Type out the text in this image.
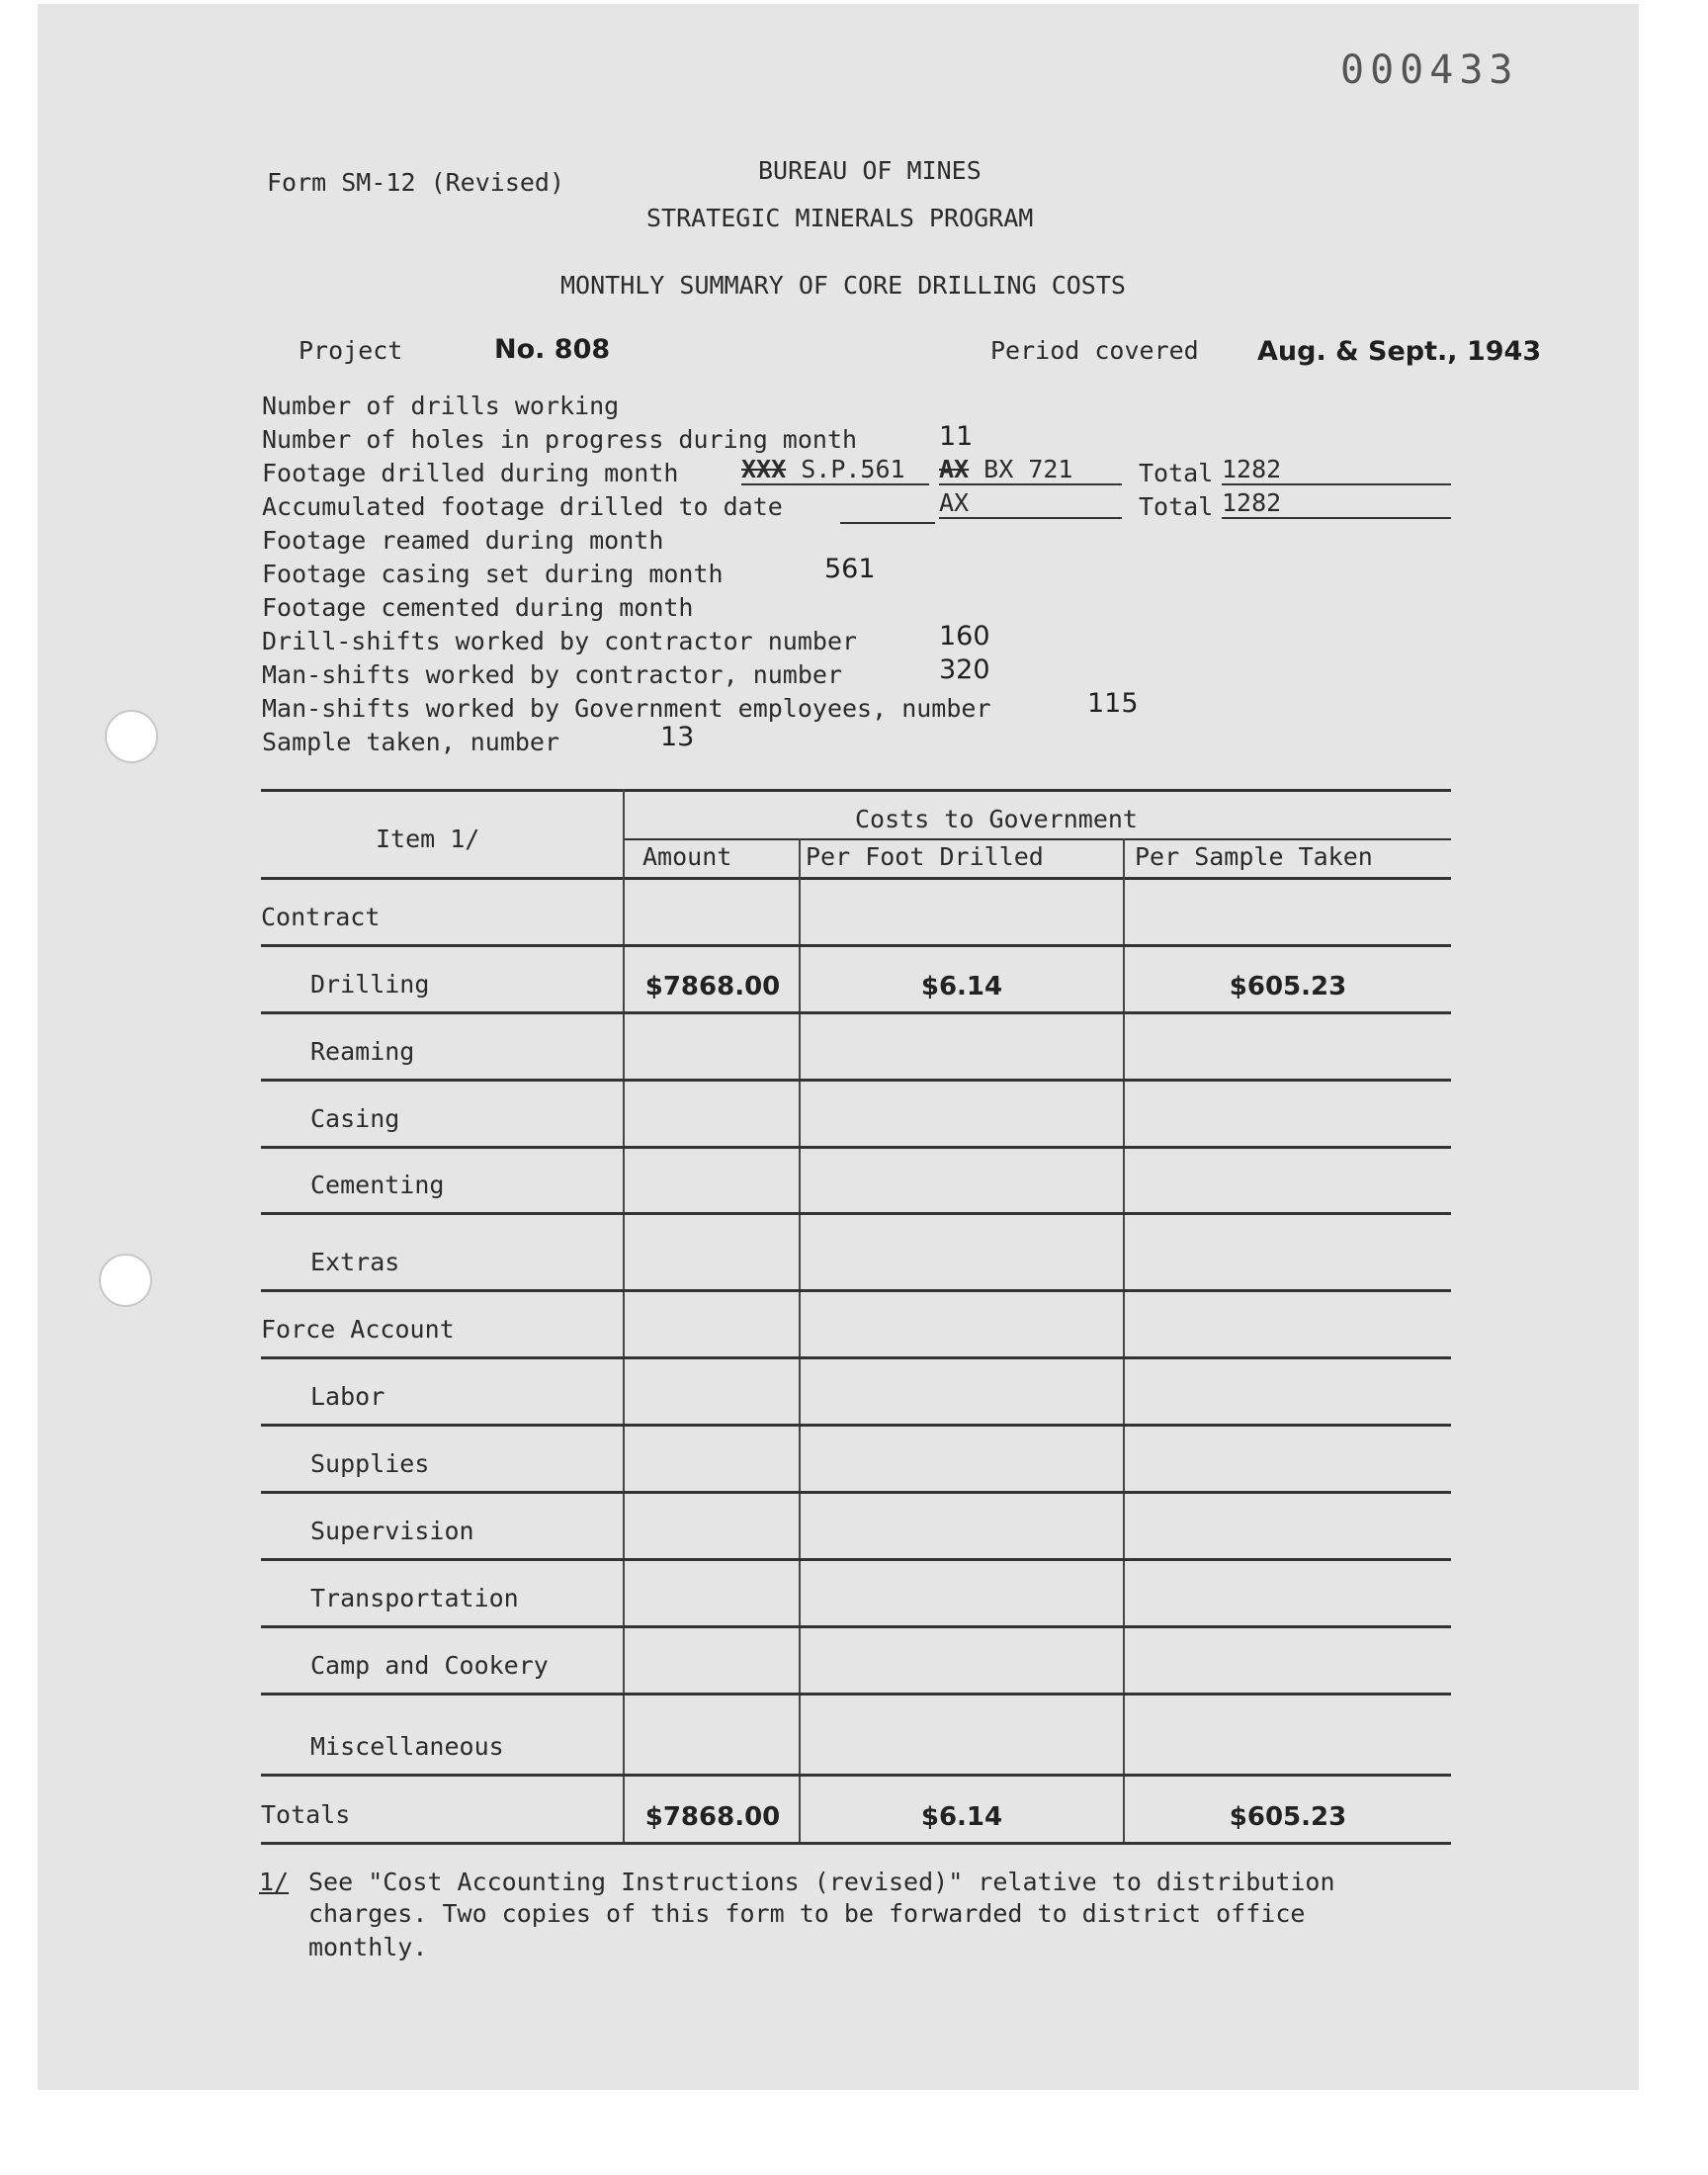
000433
Form SM-12 (Revised)	BUREAU OF MINES
STRATEGIC MINERALS PROGRAM
MONTHLY SUMMARY OF CORE DRILLING COSTS
Project	No. 808	Period covered Aug. & Sept., 1943
Number of drills working
Number of holes in progress during month	11
Footage drilled during month	XXX S.P.561	AX BX 721	Total 1282
Accumulated footage drilled to date	AX	Total 1282
Footage reamed during month
Footage casing set during month	561
Footage cemented during month
Drill-shifts worked by contractor number	160
Man-shifts worked by contractor, number	320
Man-shifts worked by Government employees, number	115
Sample taken, number	13
Item 1/
Costs to Government
Amount	Per Foot Drilled	Per Sample Taken
Contract
Drilling	$7868.00	$6.14	$605.23
Reaming
Casing
Cementing
Extras
Force Account
Labor
Supplies
Supervision
Transportation
Camp and Cookery
Miscellaneous
Totals	$7868.00	$6.14	$605.23
1/ See "Cost Accounting Instructions (revised)" relative to distribution
charges. Two copies of this form to be forwarded to district office
monthly.
